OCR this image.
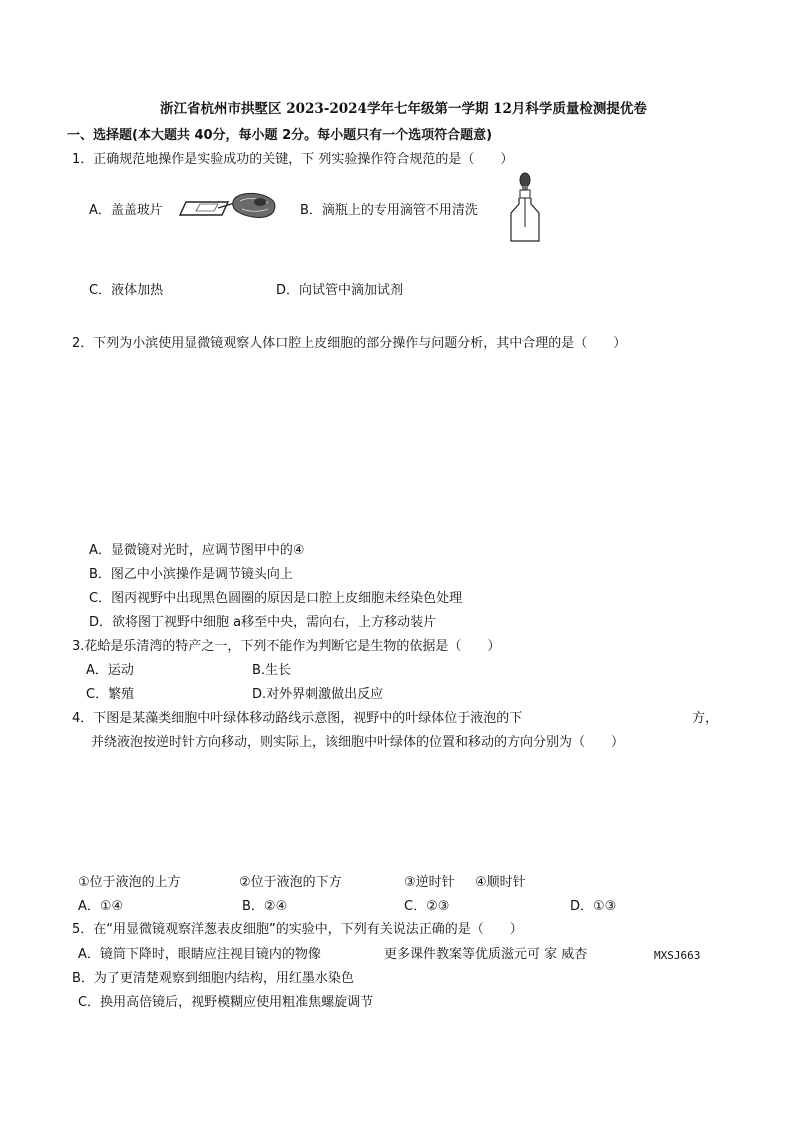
浙江省杭州市拱墅区 2023-2024学年七年级第一学期 12月科学质量检测提优卷
一、选择题(本大题共 40分，每小题 2分。每小题只有一个选项符合题意)
1．正确规范地操作是实验成功的关键，下 列实验操作符合规范的是（　　）
A．盖盖玻片	B．滴瓶上的专用滴管不用清洗
C．液体加热	D．向试管中滴加试剂
2．下列为小滨使用显微镜观察人体口腔上皮细胞的部分操作与问题分析，其中合理的是（　　）
A．显微镜对光时，应调节图甲中的④
B．图乙中小滨操作是调节镜头向上
C．图丙视野中出现黑色圆圈的原因是口腔上皮细胞未经染色处理
D．欲将图丁视野中细胞 a移至中央，需向右，上方移动装片
3.花蛤是乐清湾的特产之一，下列不能作为判断它是生物的依据是（　　）
A．运动	B.生长
C．繁殖	D.对外界刺激做出反应
4．下图是某藻类细胞中叶绿体移动路线示意图，视野中的叶绿体位于液泡的下	方，
并绕液泡按逆时针方向移动，则实际上，该细胞中叶绿体的位置和移动的方向分别为（　　）
①位于液泡的上方	②位于液泡的下方	③逆时针 ④顺时针
A．①④	B．②④	C．②③	D．①③
5．在“用显微镜观察洋葱表皮细胞”的实验中，下列有关说法正确的是（　　）
A．镜筒下降时，眼睛应注视目镜内的物像	更多课件教案等优质滋元可 家 威杏	MXSJ663
B．为了更清楚观察到细胞内结构，用红墨水染色
C．换用高倍镜后，视野模糊应使用粗准焦螺旋调节
